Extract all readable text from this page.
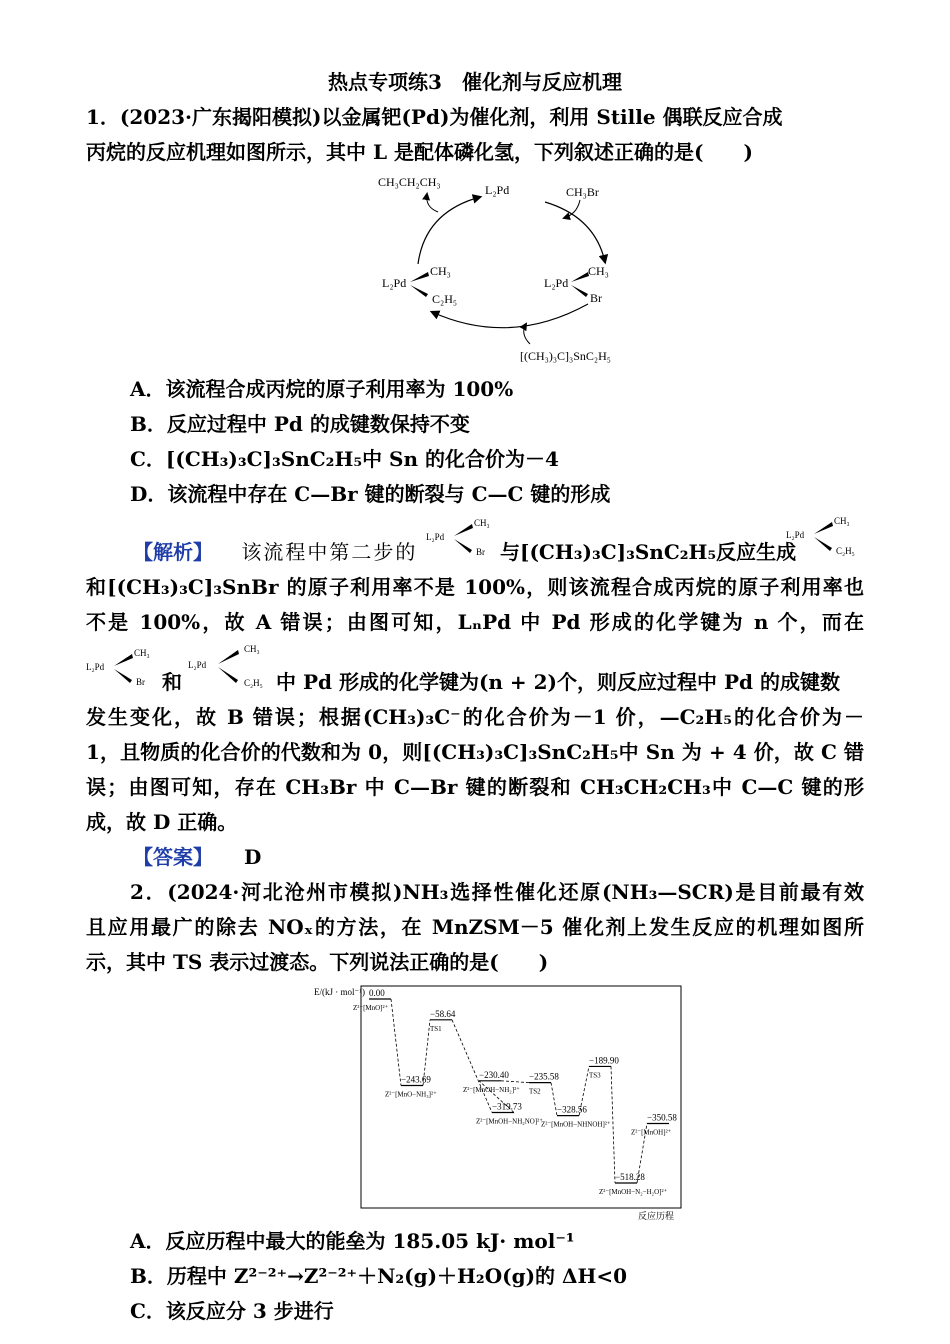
热点专项练3　催化剂与反应机理
1．(2023·广东揭阳模拟)以金属钯(Pd)为催化剂，利用 Stille 偶联反应合成
丙烷的反应机理如图所示，其中 L 是配体磷化氢，下列叙述正确的是(　　)
L₂Pd
CH₃CH₂CH₃
CH₃Br
[(CH₃)₃C]₃SnC₂H₅
L₂Pd
CH₃
Br
L₂Pd
CH₃
C₂H₅
A．该流程合成丙烷的原子利用率为 100%
B．反应过程中 Pd 的成键数保持不变
C．[(CH₃)₃C]₃SnC₂H₅中 Sn 的化合价为－4
D．该流程中存在 C—Br 键的断裂与 C—C 键的形成
【解析】 该流程中第二步的
L₂Pd
CH₃
Br 与[(CH₃)₃C]₃SnC₂H₅反应生成
L₂Pd
CH₃
C₂H₅
和[(CH₃)₃C]₃SnBr 的原子利用率不是 100%，则该流程合成丙烷的原子利用率也
不是 100%，故 A 错误；由图可知，LₙPd 中 Pd 形成的化学键为 n 个，而在
L₂Pd
CH₃
Br 和
L₂Pd
CH₃
C₂H₅ 中 Pd 形成的化学键为(n + 2)个，则反应过程中 Pd 的成键数
发生变化，故 B 错误；根据(CH₃)₃C⁻的化合价为－1 价，—C₂H₅的化合价为－
1，且物质的化合价的代数和为 0，则[(CH₃)₃C]₃SnC₂H₅中 Sn 为 + 4 价，故 C 错
误；由图可知，存在 CH₃Br 中 C—Br 键的断裂和 CH₃CH₂CH₃中 C—C 键的形
成，故 D 正确。
【答案】 D
2．(2024·河北沧州市模拟)NH₃选择性催化还原(NH₃—SCR)是目前最有效
且应用最广的除去 NOₓ的方法，在 MnZSM－5 催化剂上发生反应的机理如图所
示，其中 TS 表示过渡态。下列说法正确的是(　　)
E/(kJ · mol⁻¹)
反应历程
0.00
Z²⁻[MnO]²⁺
−243.69
Z²⁻[MnO−NH₃]²⁺
−58.64
TS1
−319.73
Z²⁻[MnOH−NH₂NO]²⁺
−230.40
Z²⁻[MnOH−NH₂]²⁺
−235.58
TS2
−328.56
Z²⁻[MnOH−NHNOH]²⁺
−189.90
TS3
−518.28
Z²⁻[MnOH−N₂−H₂O]²⁺
−350.58
Z²⁻[MnOH]²⁺
A．反应历程中最大的能垒为 185.05 kJ· mol⁻¹
B．历程中 Z²⁻²⁺→Z²⁻²⁺＋N₂(g)＋H₂O(g)的 ΔH<0
C．该反应分 3 步进行
